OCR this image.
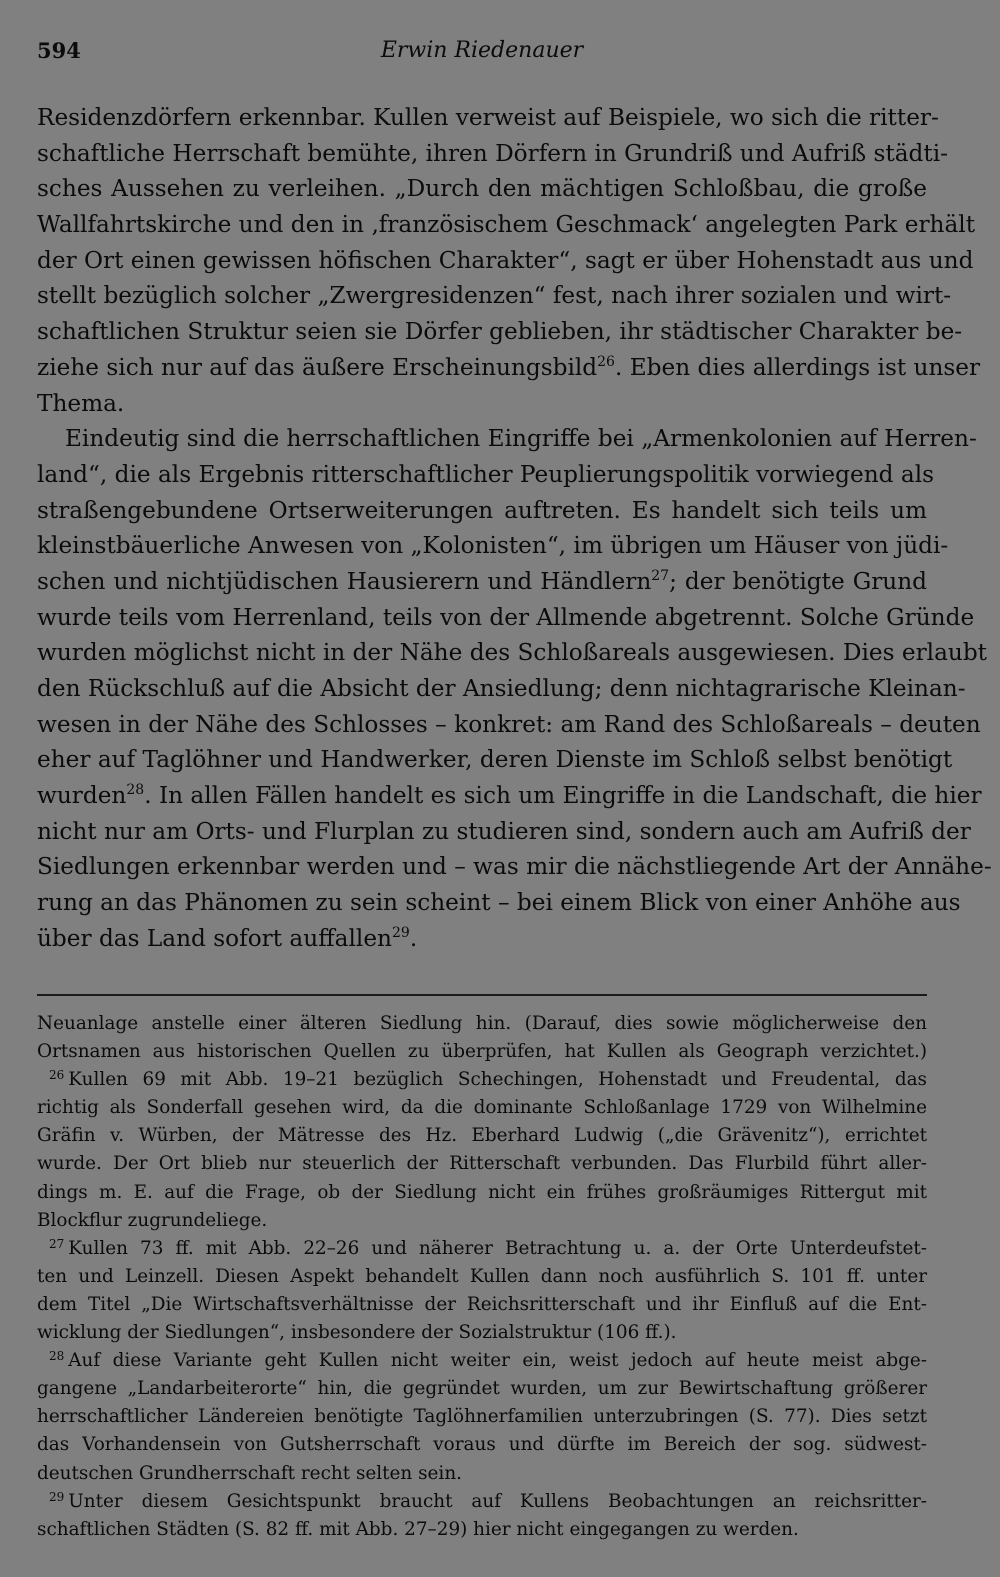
Erwin Riedenauer
594
Residenzdörfern erkennbar. Kullen verweist auf Beispiele, wo sich die ritter-
schaftliche Herrschaft bemühte, ihren Dörfern in Grundriß und Aufriß städti-
sches Aussehen zu verleihen. „Durch den mächtigen Schloßbau, die große
Wallfahrtskirche und den in ‚französischem Geschmack‘ angelegten Park erhält
der Ort einen gewissen höfischen Charakter“, sagt er über Hohenstadt aus und
stellt bezüglich solcher „Zwergresidenzen“ fest, nach ihrer sozialen und wirt-
schaftlichen Struktur seien sie Dörfer geblieben, ihr städtischer Charakter be-
ziehe sich nur auf das äußere Erscheinungsbild$^{26}$. Eben dies allerdings ist unser
Thema.
Eindeutig sind die herrschaftlichen Eingriffe bei „Armenkolonien auf Herren-
land“, die als Ergebnis ritterschaftlicher Peuplierungspolitik vorwiegend als
straßengebundene Ortserweiterungen auftreten. Es handelt sich teils um
kleinstbäuerliche Anwesen von „Kolonisten“, im übrigen um Häuser von jüdi-
schen und nichtjüdischen Hausierern und Händlern$^{27}$; der benötigte Grund
wurde teils vom Herrenland, teils von der Allmende abgetrennt. Solche Gründe
wurden möglichst nicht in der Nähe des Schloßareals ausgewiesen. Dies erlaubt
den Rückschluß auf die Absicht der Ansiedlung; denn nichtagrarische Kleinan-
wesen in der Nähe des Schlosses – konkret: am Rand des Schloßareals – deuten
eher auf Taglöhner und Handwerker, deren Dienste im Schloß selbst benötigt
wurden$^{28}$. In allen Fällen handelt es sich um Eingriffe in die Landschaft, die hier
nicht nur am Orts- und Flurplan zu studieren sind, sondern auch am Aufriß der
Siedlungen erkennbar werden und – was mir die nächstliegende Art der Annähe-
rung an das Phänomen zu sein scheint – bei einem Blick von einer Anhöhe aus
über das Land sofort auffallen$^{29}$.
Neuanlage anstelle einer älteren Siedlung hin. (Darauf, dies sowie möglicherweise den
Ortsnamen aus historischen Quellen zu überprüfen, hat Kullen als Geograph verzichtet.)
$^{26}$ Kullen 69 mit Abb. 19–21 bezüglich Schechingen, Hohenstadt und Freudental, das
richtig als Sonderfall gesehen wird, da die dominante Schloßanlage 1729 von Wilhelmine
Gräfin v. Würben, der Mätresse des Hz. Eberhard Ludwig („die Grävenitz“), errichtet
wurde. Der Ort blieb nur steuerlich der Ritterschaft verbunden. Das Flurbild führt aller-
dings m. E. auf die Frage, ob der Siedlung nicht ein frühes großräumiges Rittergut mit
Blockflur zugrundeliege.
$^{27}$ Kullen 73 ff. mit Abb. 22–26 und näherer Betrachtung u. a. der Orte Unterdeufstet-
ten und Leinzell. Diesen Aspekt behandelt Kullen dann noch ausführlich S. 101 ff. unter
dem Titel „Die Wirtschaftsverhältnisse der Reichsritterschaft und ihr Einfluß auf die Ent-
wicklung der Siedlungen“, insbesondere der Sozialstruktur (106 ff.).
$^{28}$ Auf diese Variante geht Kullen nicht weiter ein, weist jedoch auf heute meist abge-
gangene „Landarbeiterorte“ hin, die gegründet wurden, um zur Bewirtschaftung größerer
herrschaftlicher Ländereien benötigte Taglöhnerfamilien unterzubringen (S. 77). Dies setzt
das Vorhandensein von Gutsherrschaft voraus und dürfte im Bereich der sog. südwest-
deutschen Grundherrschaft recht selten sein.
$^{29}$ Unter diesem Gesichtspunkt braucht auf Kullens Beobachtungen an reichsritter-
schaftlichen Städten (S. 82 ff. mit Abb. 27–29) hier nicht eingegangen zu werden.
